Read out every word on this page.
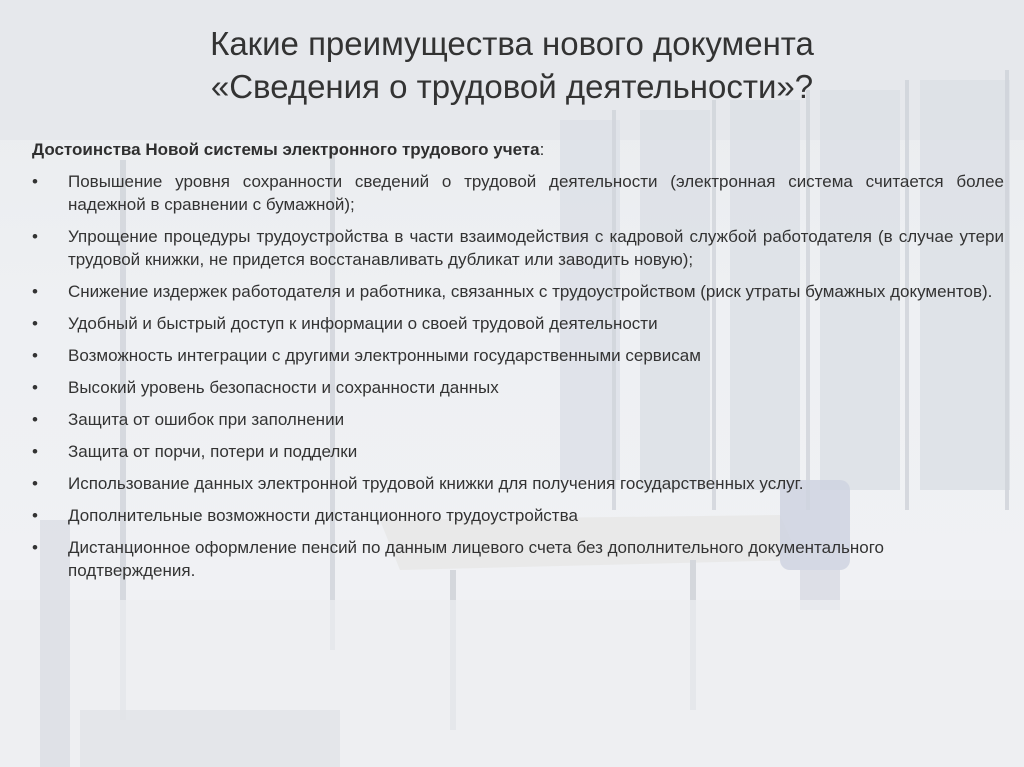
Какие преимущества нового документа
«Сведения о трудовой деятельности»?
Достоинства Новой системы электронного трудового учета:
•	Повышение уровня сохранности сведений о трудовой деятельности (электронная система считается более надежной в сравнении с бумажной);
•	Упрощение процедуры трудоустройства в части взаимодействия с кадровой службой работодателя (в случае утери трудовой книжки, не придется восстанавливать дубликат или заводить новую);
•	Снижение издержек работодателя и работника, связанных с трудоустройством (риск утраты бумажных документов).
•	Удобный и быстрый доступ к информации о своей трудовой деятельности
•	Возможность интеграции с другими электронными государственными сервисам
•	Высокий уровень безопасности и сохранности данных
•	Защита от ошибок при заполнении
•	Защита от порчи, потери и подделки
•	Использование данных электронной трудовой книжки для получения государственных услуг.
•	Дополнительные возможности дистанционного трудоустройства
•	Дистанционное оформление пенсий по данным лицевого счета без дополнительного документального подтверждения.
